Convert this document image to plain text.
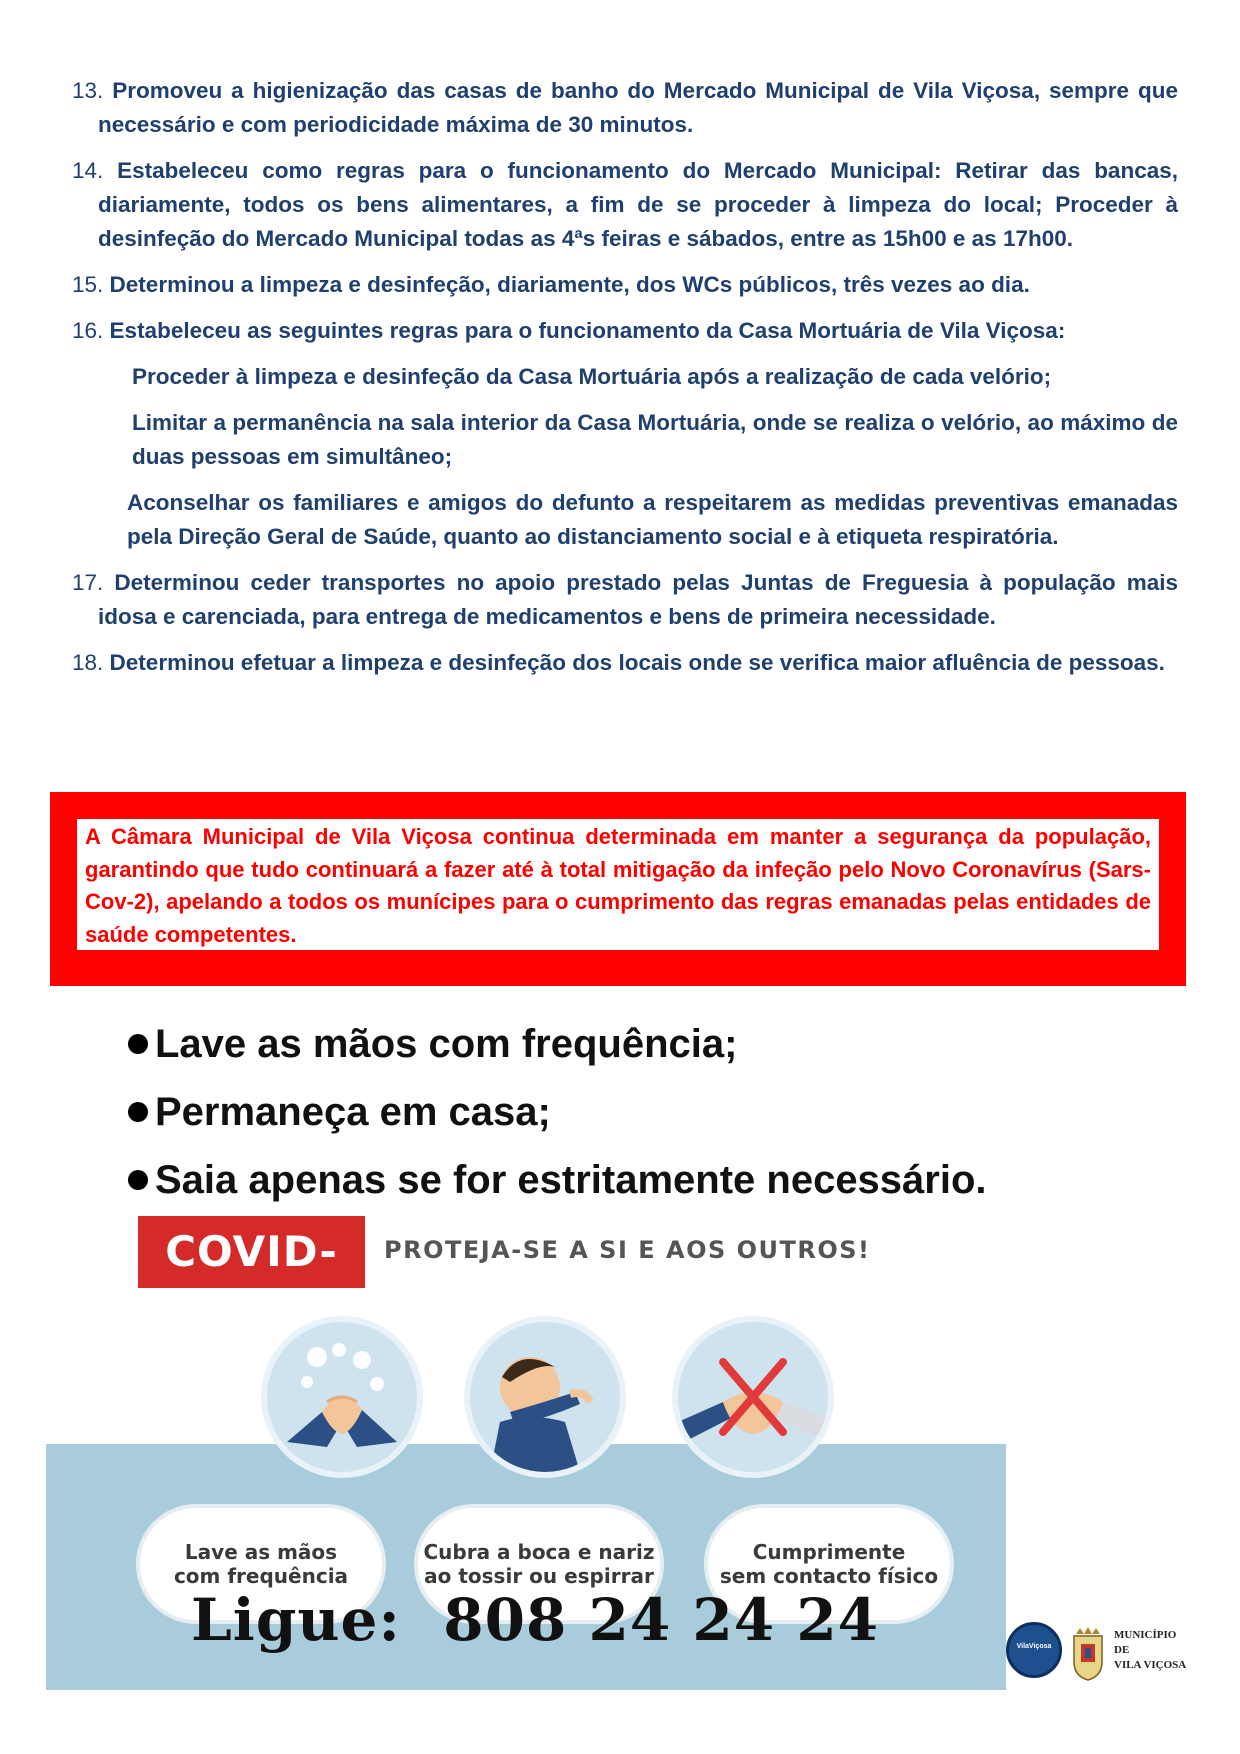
13. Promoveu a higienização das casas de banho do Mercado Municipal de Vila Viçosa, sempre que necessário e com periodicidade máxima de 30 minutos.
14. Estabeleceu como regras para o funcionamento do Mercado Municipal: Retirar das bancas, diariamente, todos os bens alimentares, a fim de se proceder à limpeza do local; Proceder à desinfeção do Mercado Municipal todas as 4ªs feiras e sábados, entre as 15h00 e as 17h00.
15. Determinou a limpeza e desinfeção, diariamente, dos WCs públicos, três vezes ao dia.
16. Estabeleceu as seguintes regras para o funcionamento da Casa Mortuária de Vila Viçosa:
Proceder à limpeza e desinfeção da Casa Mortuária após a realização de cada velório;
Limitar a permanência na sala interior da Casa Mortuária, onde se realiza o velório, ao máximo de duas pessoas em simultâneo;
Aconselhar os familiares e amigos do defunto a respeitarem as medidas preventivas emanadas pela Direção Geral de Saúde, quanto ao distanciamento social e à etiqueta respiratória.
17. Determinou ceder transportes no apoio prestado pelas Juntas de Freguesia à população mais idosa e carenciada, para entrega de medicamentos e bens de primeira necessidade.
18. Determinou efetuar a limpeza e desinfeção dos locais onde se verifica maior afluência de pessoas.
A Câmara Municipal de Vila Viçosa continua determinada em manter a segurança da população, garantindo que tudo continuará a fazer até à total mitigação da infeção pelo Novo Coronavírus (Sars-Cov-2), apelando a todos os munícipes para o cumprimento das regras emanadas pelas entidades de saúde competentes.
Lave as mãos com frequência;
Permaneça em casa;
Saia apenas se for estritamente necessário.
COVID-19
PROTEJA-SE A SI E AOS OUTROS!
Lave as mãos
com frequência
Cubra a boca e nariz
ao tossir ou espirrar
Cumprimente
sem contacto físico
Ligue: 808 24 24 24	VilaViçosa
MUNICÍPIO
DE
VILA VIÇOSA
